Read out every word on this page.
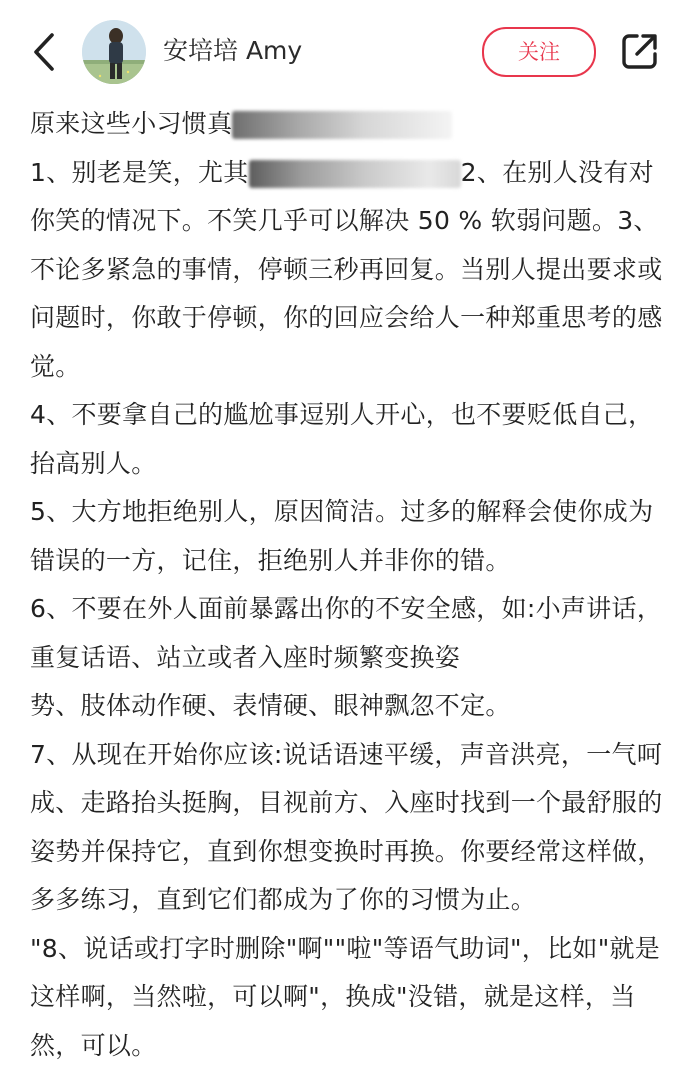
安培培 Amy	关注

原来这些小习惯真

1、别老是笑，尤其	2、在别人没有对 你笑的情况下。不笑几乎可以解决 50 % 软弱问题。3、不论多紧急的事情，停顿三秒再回复。当别人提出要求或问题时，你敢于停顿，你的回应会给人一种郑重思考的感觉。

4、不要拿自己的尴尬事逗别人开心，也不要贬低自己，抬高别人。

5、大方地拒绝别人，原因简洁。过多的解释会使你成为错误的一方，记住，拒绝别人并非你的错。

6、不要在外人面前暴露出你的不安全感，如:小声讲话，重复话语、站立或者入座时频繁变换姿
势、肢体动作硬、表情硬、眼神飘忽不定。

7、从现在开始你应该:说话语速平缓，声音洪亮，一气呵成、走路抬头挺胸，目视前方、入座时找到一个最舒服的姿势并保持它，直到你想变换时再换。你要经常这样做，多多练习，直到它们都成为了你的习惯为止。

"8、说话或打字时删除"啊""啦"等语气助词"，比如"就是这样啊，当然啦，可以啊"，换成"没错，就是这样，当然，可以。
